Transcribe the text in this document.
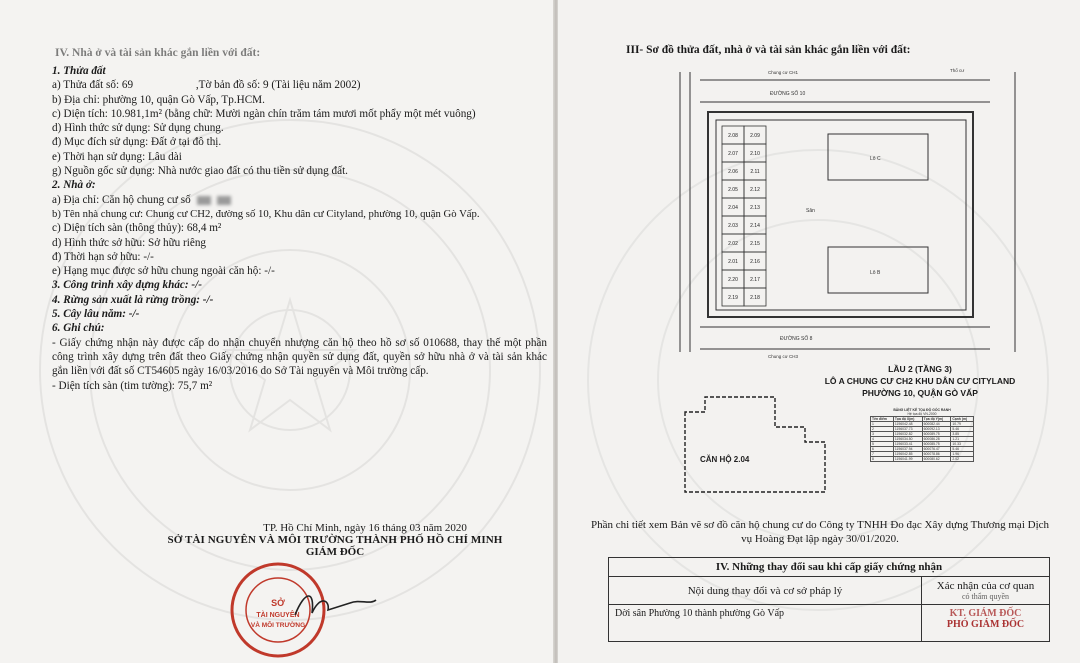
IV. Nhà ở và tài sản khác gắn liền với đất:
1. Thửa đất
a) Thửa đất số: 69	,Tờ bản đồ số: 9 (Tài liệu năm 2002)
b) Địa chỉ: phường 10, quận Gò Vấp, Tp.HCM.
c) Diện tích: 10.981,1m² (bằng chữ: Mười ngàn chín trăm tám mươi mốt phẩy một mét vuông)
d) Hình thức sử dụng: Sử dụng chung.
đ) Mục đích sử dụng: Đất ở tại đô thị.
e) Thời hạn sử dụng: Lâu dài
g) Nguồn gốc sử dụng: Nhà nước giao đất có thu tiền sử dụng đất.
2. Nhà ở:
a) Địa chỉ: Căn hộ chung cư số
b) Tên nhà chung cư: Chung cư CH2, đường số 10, Khu dân cư Cityland, phường 10, quận Gò Vấp.
c) Diện tích sàn (thông thủy): 68,4 m²
d) Hình thức sở hữu: Sở hữu riêng
đ) Thời hạn sở hữu: -/-
e) Hạng mục được sở hữu chung ngoài căn hộ: -/-
3. Công trình xây dựng khác: -/-
4. Rừng sản xuất là rừng trồng: -/-
5. Cây lâu năm: -/-
6. Ghi chú:
- Giấy chứng nhận này được cấp do nhận chuyển nhượng căn hộ theo hồ sơ số 010688, thay thế một phần công trình xây dựng trên đất theo Giấy chứng nhận quyền sử dụng đất, quyền sở hữu nhà ở và tài sản khác gắn liền với đất số CT54605 ngày 16/03/2016 do Sở Tài nguyên và Môi trường cấp.
- Diện tích sàn (tim tường): 75,7 m²
TP. Hồ Chí Minh, ngày 16 tháng 03 năm 2020
SỞ TÀI NGUYÊN VÀ MÔI TRƯỜNG THÀNH PHỐ HỒ CHÍ MINH
GIÁM ĐỐC
SỞ
TÀI NGUYÊN
VÀ MÔI TRƯỜNG
III- Sơ đồ thửa đất, nhà ở và tài sản khác gắn liền với đất:
Chung cư CH1
Chung cư CH3
ĐƯỜNG SỐ 10
ĐƯỜNG SỐ 8
Thổ cư
Lô C
Lô B
Sân
2.08 2.09
2.07 2.10
2.06 2.11
2.05 2.12
2.04 2.13
2.03 2.14
2.02 2.15
2.01 2.16
2.20 2.17
2.19 2.18
LẦU 2 (TẦNG 3)
LÔ A CHUNG CƯ CH2 KHU DÂN CƯ CITYLAND
PHƯỜNG 10, QUẬN GÒ VẤP
CĂN HỘ 2.04
BẢNG LIỆT KÊ TỌA ĐỘ GÓC RANH
Hệ tọa độ VN-2000
Tên điểm	Tọa độ X(m)	Tọa độ Y(m)	Cạnh (m)
1	1196042.48	600082.44	10.79
2	1196037.73	600092.13	5.46
3	1196032.82	600089.75	3.85
4	1196034.50	600086.28	1.21
5	1196033.41	600085.75	10.33
6	1196037.94	600076.47	5.46
7	1196042.85	600078.86	1.96
8	1196041.99	600080.62	2.02
Phần chi tiết xem Bản vẽ sơ đồ căn hộ chung cư do Công ty TNHH Đo đạc Xây dựng Thương mại Dịch vụ Hoàng Đạt lập ngày 30/01/2020.
IV. Những thay đổi sau khi cấp giấy chứng nhận	
Nội dung thay đổi và cơ sở pháp lý	Xác nhận của cơ quan
có thẩm quyền

Dời sân Phường 10 thành phường Gò Vấp	KT. GIÁM ĐỐC
PHÓ GIÁM ĐỐC
